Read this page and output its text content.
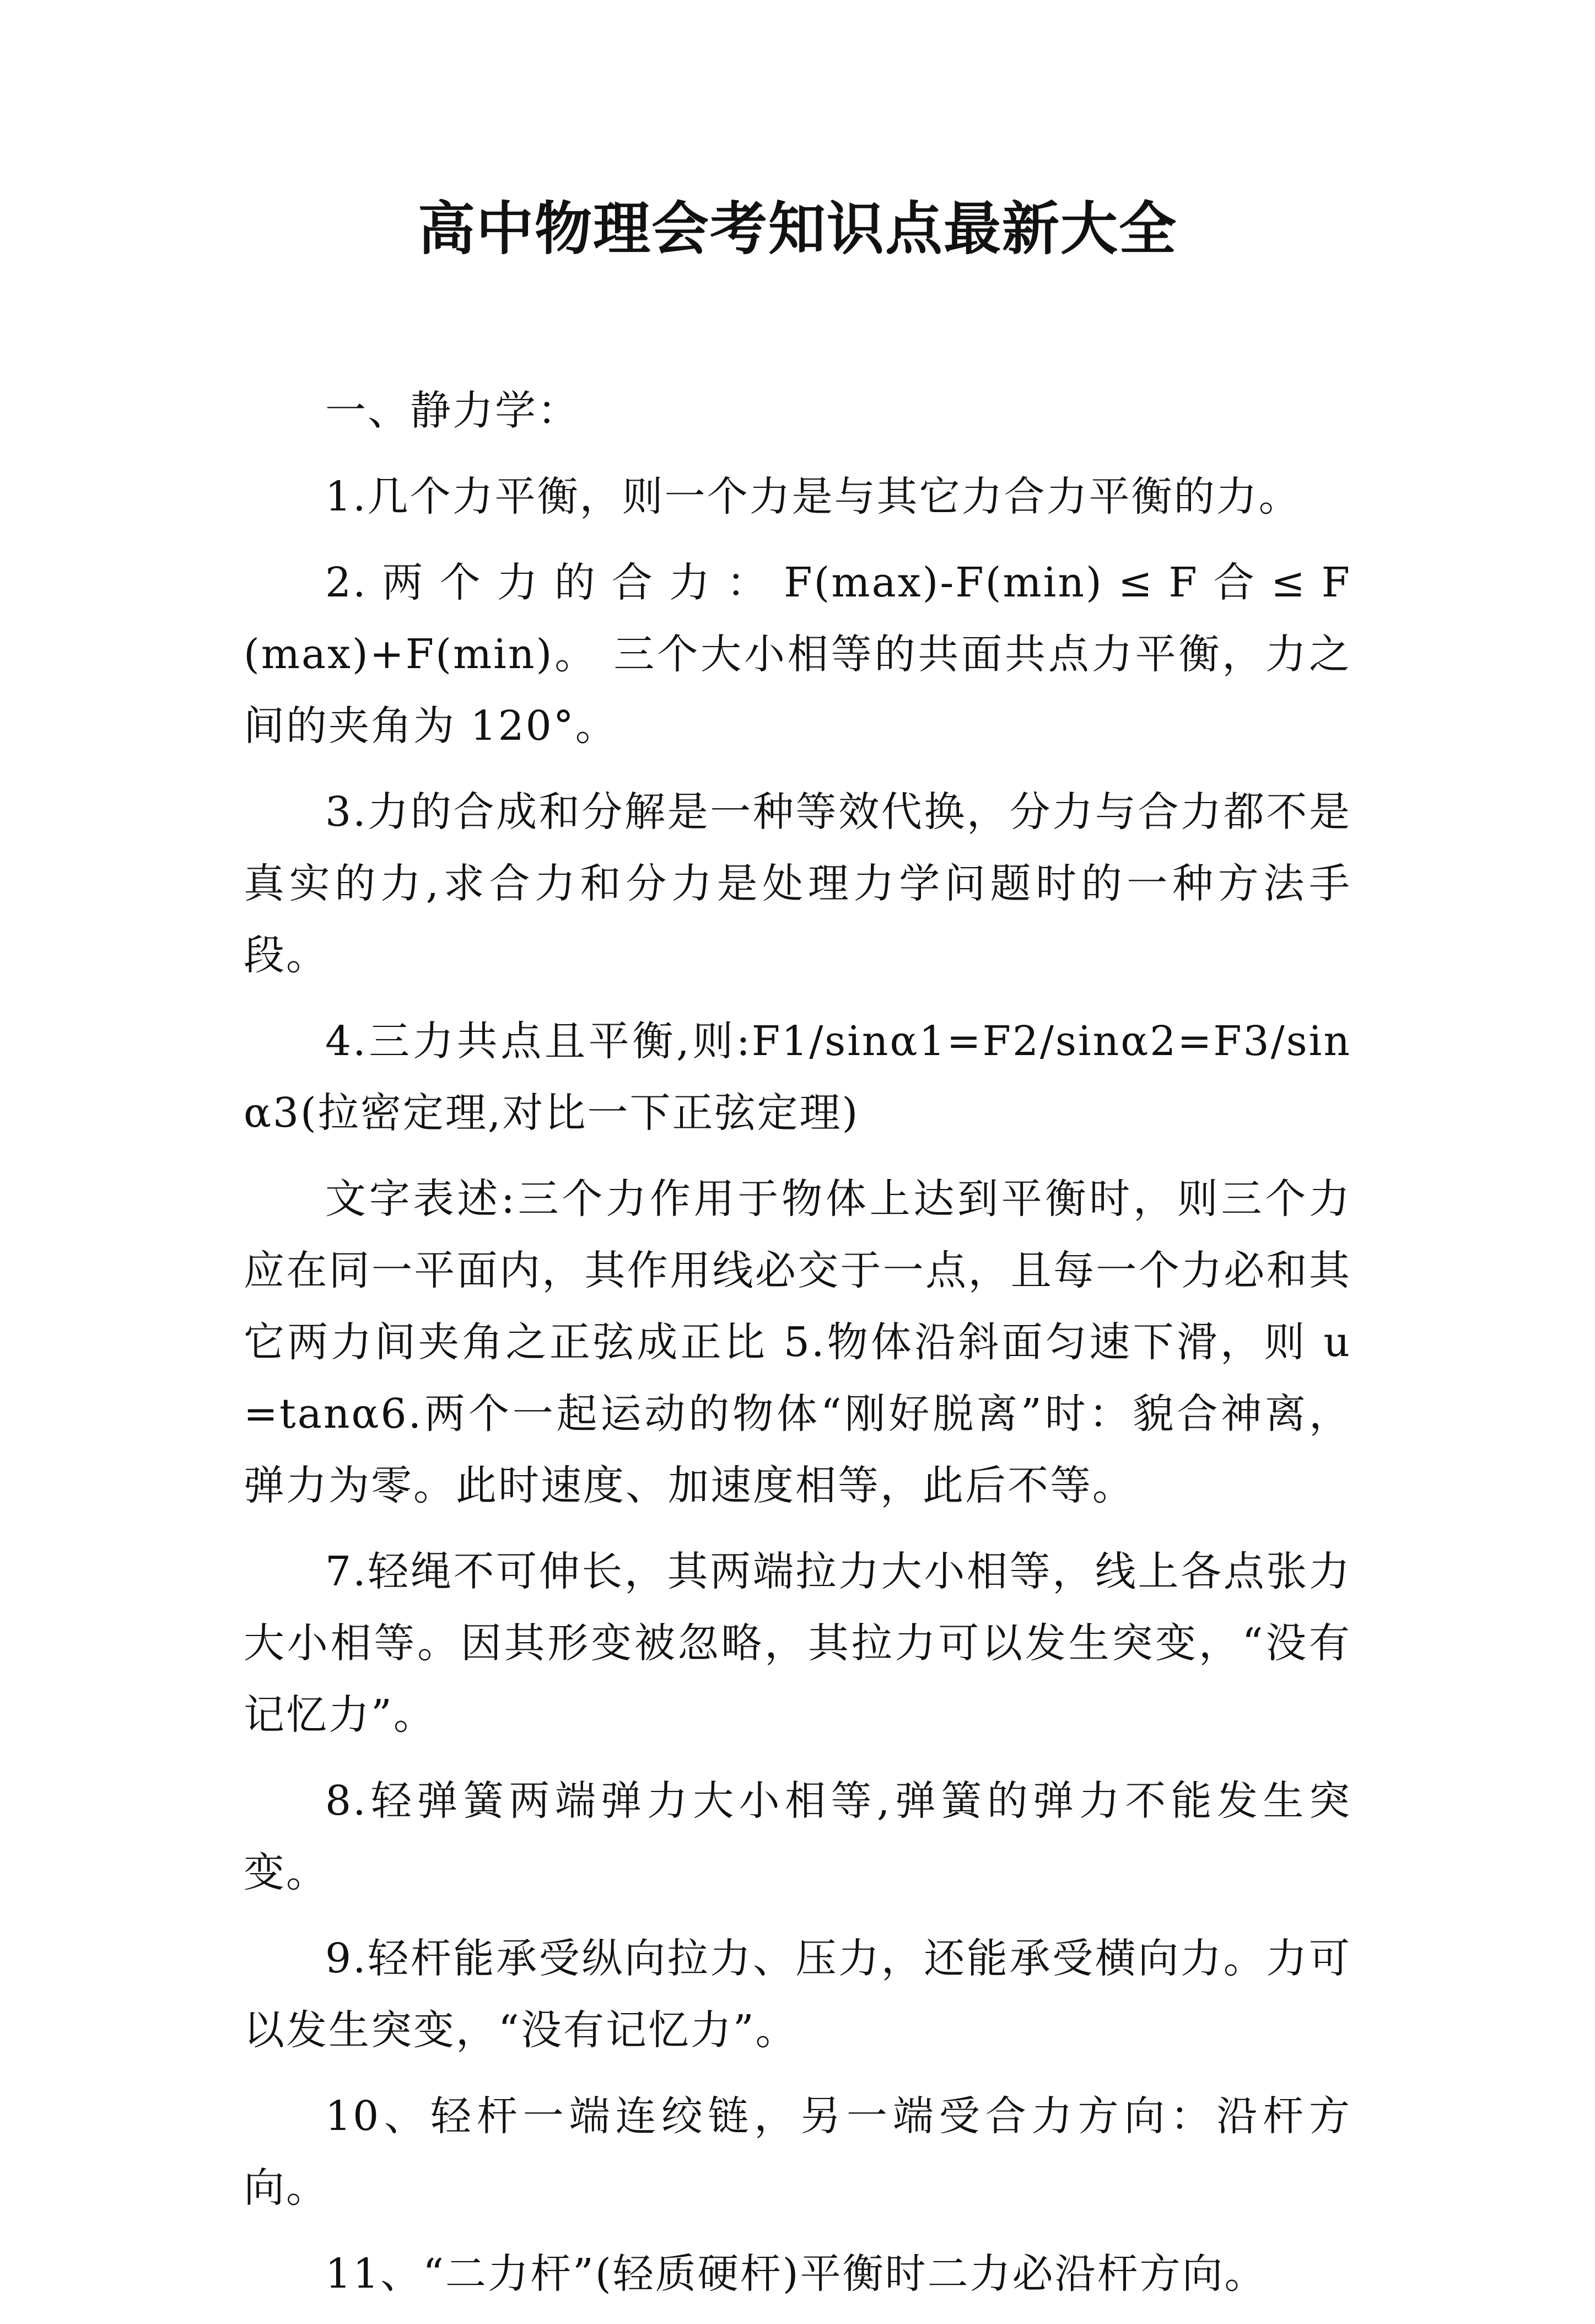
高中物理会考知识点最新大全

一、静力学：

1.几个力平衡，则一个力是与其它力合力平衡的力。

2. 两 个 力 的 合 力 ： F(max)-F(min) ≤ F 合 ≤ F(max)+F(min)。 三个大小相等的共面共点力平衡，力之间的夹角为 120°。

3.力的合成和分解是一种等效代换，分力与合力都不是真实的力,求合力和分力是处理力学问题时的一种方法手段。

4.三力共点且平衡,则:F1/sinα1=F2/sinα2=F3/sinα3(拉密定理,对比一下正弦定理)

文字表述:三个力作用于物体上达到平衡时，则三个力应在同一平面内，其作用线必交于一点，且每一个力必和其它两力间夹角之正弦成正比 5.物体沿斜面匀速下滑，则 u=tanα6.两个一起运动的物体“刚好脱离”时：貌合神离，弹力为零。此时速度、加速度相等，此后不等。

7.轻绳不可伸长，其两端拉力大小相等，线上各点张力大小相等。因其形变被忽略，其拉力可以发生突变，“没有记忆力”。

8.轻弹簧两端弹力大小相等,弹簧的弹力不能发生突变。

9.轻杆能承受纵向拉力、压力，还能承受横向力。力可以发生突变，“没有记忆力”。

10、轻杆一端连绞链，另一端受合力方向：沿杆方向。

11、“二力杆”(轻质硬杆)平衡时二力必沿杆方向。
